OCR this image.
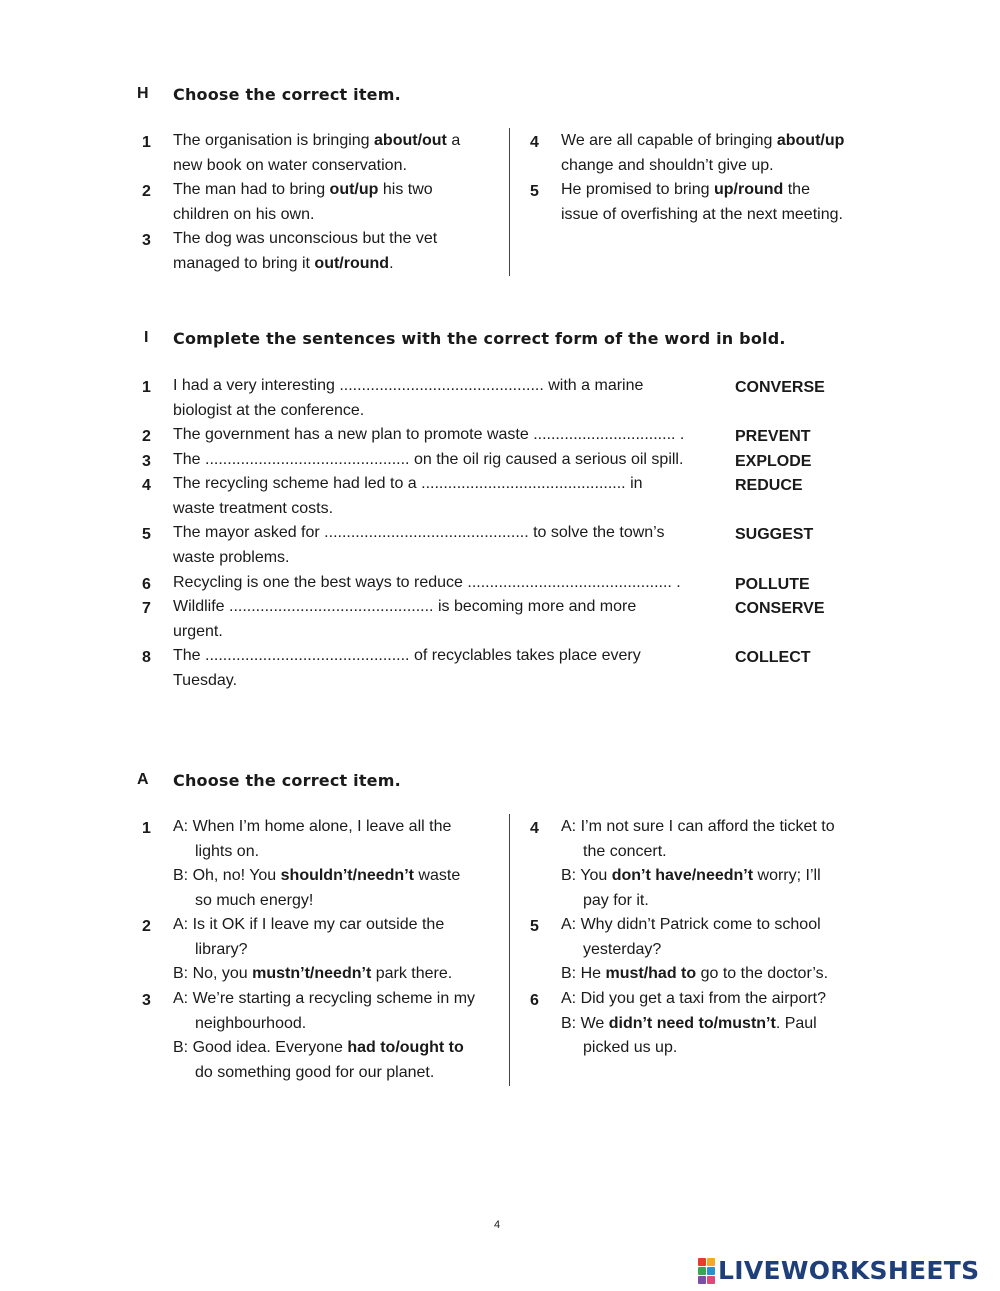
H Choose the correct item.
1 The organisation is bringing about/out a
new book on water conservation.
2 The man had to bring out/up his two
children on his own.
3 The dog was unconscious but the vet
managed to bring it out/round.
4 We are all capable of bringing about/up
change and shouldn’t give up.
5 He promised to bring up/round the
issue of overfishing at the next meeting.
I Complete the sentences with the correct form of the word in bold.
1 I had a very interesting .............................................. with a marine
biologist at the conference.
CONVERSE
2 The government has a new plan to promote waste ................................ .	PREVENT
3 The .............................................. on the oil rig caused a serious oil spill.	EXPLODE
4 The recycling scheme had led to a .............................................. in
waste treatment costs.
REDUCE
5 The mayor asked for .............................................. to solve the town’s
waste problems.
SUGGEST
6 Recycling is one the best ways to reduce .............................................. .	POLLUTE
7 Wildlife .............................................. is becoming more and more
urgent.
CONSERVE
8 The .............................................. of recyclables takes place every
Tuesday.
COLLECT
A Choose the correct item.
1 A: When I’m home alone, I leave all the
lights on.
B: Oh, no! You shouldn’t/needn’t waste
so much energy!
2 A: Is it OK if I leave my car outside the
library?
B: No, you mustn’t/needn’t park there.
3 A: We’re starting a recycling scheme in my
neighbourhood.
B: Good idea. Everyone had to/ought to
do something good for our planet.
4 A: I’m not sure I can afford the ticket to
the concert.
B: You don’t have/needn’t worry; I’ll
pay for it.
5 A: Why didn’t Patrick come to school
yesterday?
B: He must/had to go to the doctor’s.
6 A: Did you get a taxi from the airport?
B: We didn’t need to/mustn’t. Paul
picked us up.
4
LIVEWORKSHEETS
